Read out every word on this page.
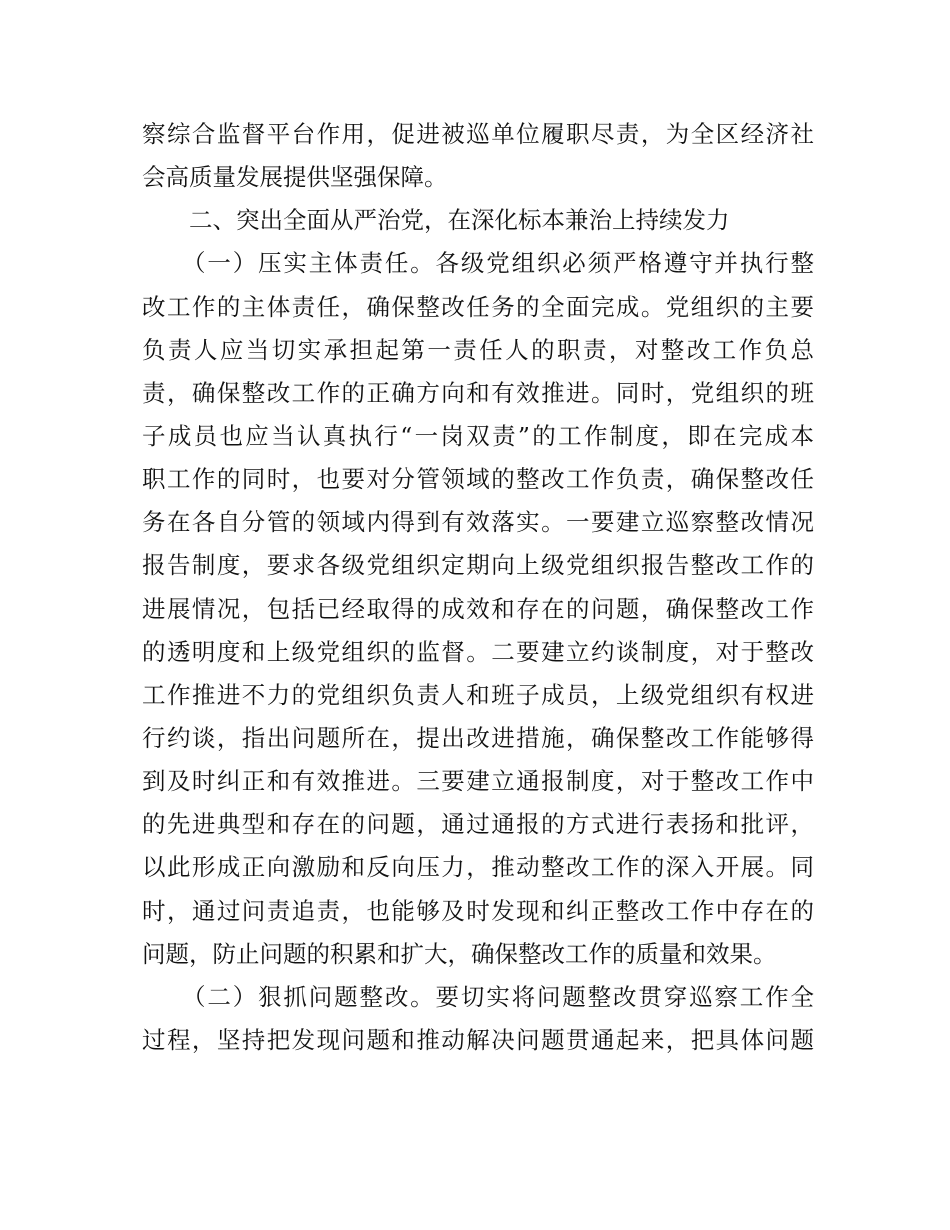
察综合监督平台作用，促进被巡单位履职尽责，为全区经济社
会高质量发展提供坚强保障。
二、突出全面从严治党，在深化标本兼治上持续发力
（一）压实主体责任。各级党组织必须严格遵守并执行整
改工作的主体责任，确保整改任务的全面完成。党组织的主要
负责人应当切实承担起第一责任人的职责，对整改工作负总
责，确保整改工作的正确方向和有效推进。同时，党组织的班
子成员也应当认真执行“一岗双责”的工作制度，即在完成本
职工作的同时，也要对分管领域的整改工作负责，确保整改任
务在各自分管的领域内得到有效落实。一要建立巡察整改情况
报告制度，要求各级党组织定期向上级党组织报告整改工作的
进展情况，包括已经取得的成效和存在的问题，确保整改工作
的透明度和上级党组织的监督。二要建立约谈制度，对于整改
工作推进不力的党组织负责人和班子成员，上级党组织有权进
行约谈，指出问题所在，提出改进措施，确保整改工作能够得
到及时纠正和有效推进。三要建立通报制度，对于整改工作中
的先进典型和存在的问题，通过通报的方式进行表扬和批评，
以此形成正向激励和反向压力，推动整改工作的深入开展。同
时，通过问责追责，也能够及时发现和纠正整改工作中存在的
问题，防止问题的积累和扩大，确保整改工作的质量和效果。
（二）狠抓问题整改。要切实将问题整改贯穿巡察工作全
过程，坚持把发现问题和推动解决问题贯通起来，把具体问题
